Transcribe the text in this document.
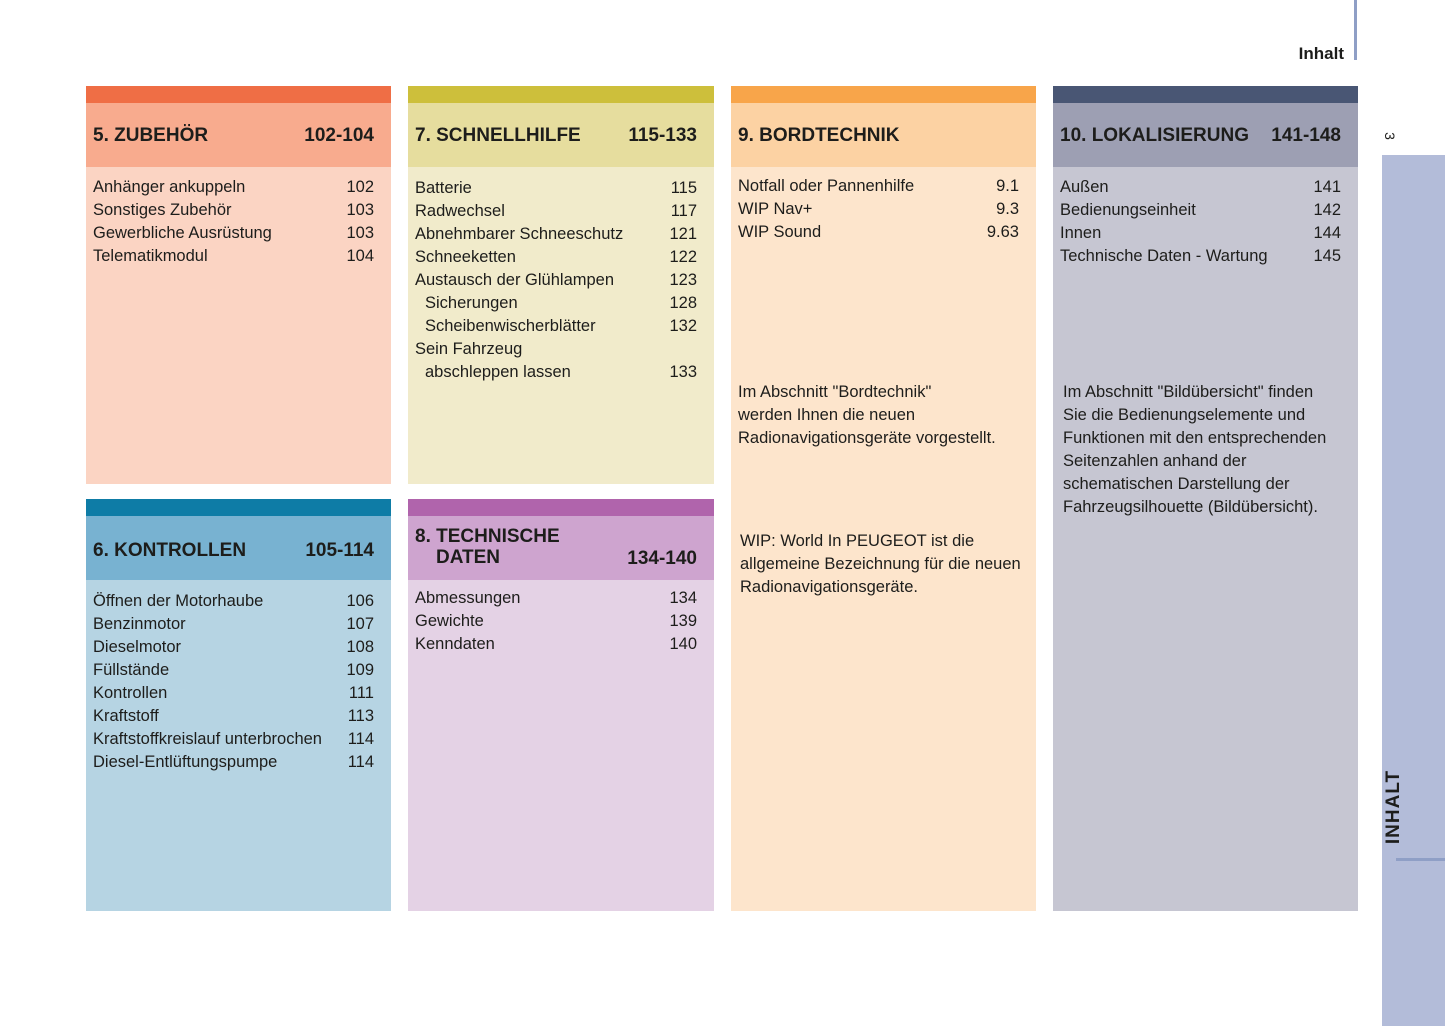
Inhalt
3
INHALT
5. ZUBEHÖR	102-104
Anhänger ankuppeln	102
Sonstiges Zubehör	103
Gewerbliche Ausrüstung	103
Telematikmodul	104
7. SCHNELLHILFE	115-133
Batterie	115
Radwechsel	117
Abnehmbarer Schneeschutz	121
Schneeketten	122
Austausch der Glühlampen	123
Sicherungen	128
Scheibenwischerblätter	132
Sein Fahrzeug
abschleppen lassen	133
9. BORDTECHNIK
Notfall oder Pannenhilfe	9.1
WIP Nav+	9.3
WIP Sound	9.63
Im Abschnitt "Bordtechnik"
werden Ihnen die neuen
Radionavigationsgeräte vorgestellt.
WIP: World In PEUGEOT ist die
allgemeine Bezeichnung für die neuen
Radionavigationsgeräte.
10. LOKALISIERUNG 141-148
Außen	141
Bedienungseinheit	142
Innen	144
Technische Daten - Wartung	145
Im Abschnitt "Bildübersicht" finden
Sie die Bedienungselemente und
Funktionen mit den entsprechenden
Seitenzahlen anhand der
schematischen Darstellung der
Fahrzeugsilhouette (Bildübersicht).
6. KONTROLLEN	105-114
Öffnen der Motorhaube	106
Benzinmotor	107
Dieselmotor	108
Füllstände	109
Kontrollen	111
Kraftstoff	113
Kraftstoffkreislauf unterbrochen 114
Diesel-Entlüftungspumpe	114
8. TECHNISCHE
DATEN	134-140
Abmessungen	134
Gewichte	139
Kenndaten	140
